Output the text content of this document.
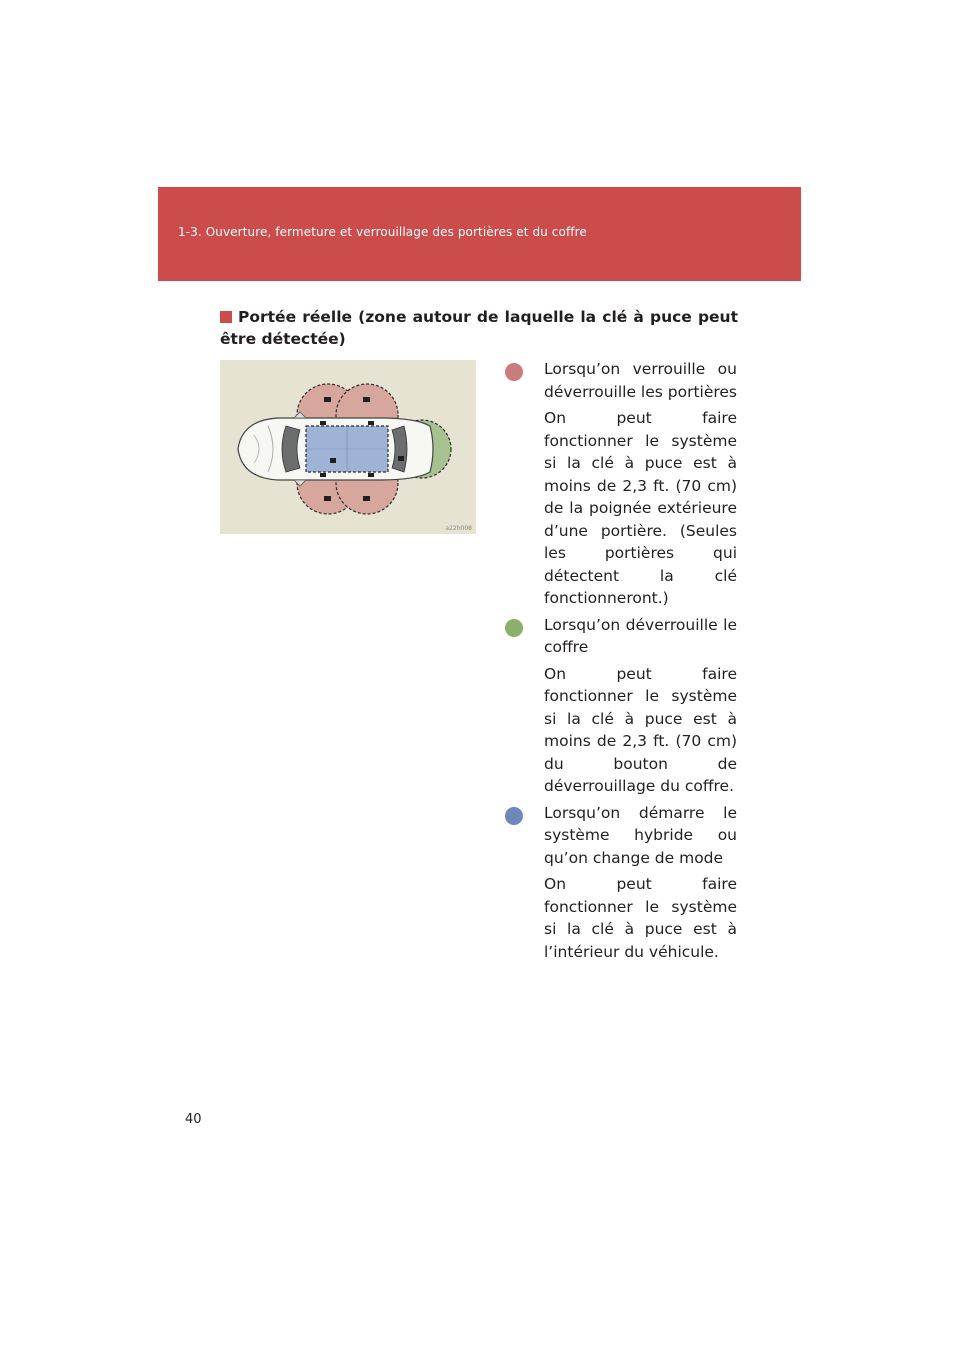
1-3. Ouverture, fermeture et verrouillage des portières et du coffre
Portée réelle (zone autour de laquelle la clé à puce peut être détectée)
a22h008
Lorsqu’on verrouille ou déverrouille les portières
On peut faire fonctionner le système si la clé à puce est à moins de 2,3 ft. (70 cm) de la poignée extérieure d’une portière. (Seules les portières qui détectent la clé fonctionneront.)
Lorsqu’on déverrouille le coffre
On peut faire fonctionner le système si la clé à puce est à moins de 2,3 ft. (70 cm) du bouton de déverrouillage du coffre.
Lorsqu’on démarre le système hybride ou qu’on change de mode
On peut faire fonctionner le système si la clé à puce est à l’intérieur du véhicule.
40
